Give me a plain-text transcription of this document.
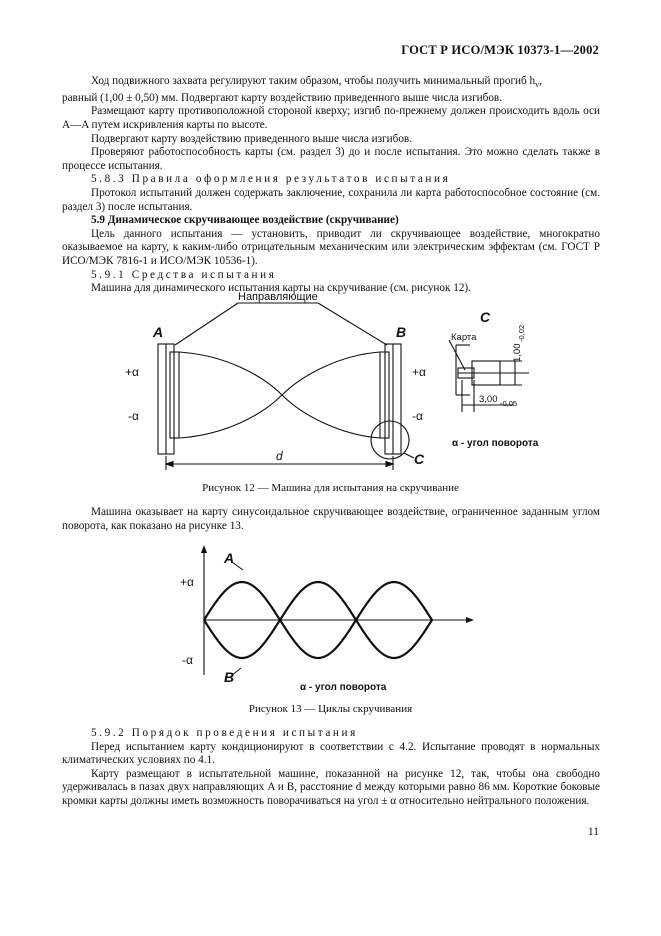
ГОСТ Р ИСО/МЭК 10373-1—2002

Ход подвижного захвата регулируют таким образом, чтобы получить минимальный прогиб $h_v$,

равный (1,00 ± 0,50) мм. Подвергают карту воздействию приведенного выше числа изгибов.

Размещают карту противоположной стороной кверху; изгиб по-прежнему должен происходить вдоль оси A—A путем искривления карты по высоте.

Подвергают карту воздействию приведенного выше числа изгибов.

Проверяют работоспособность карты (см. раздел 3) до и после испытания. Это можно сделать также в процессе испытания.

5.8.3 Правила оформления результатов испытания

Протокол испытаний должен содержать заключение, сохранила ли карта работоспособное состояние (см. раздел 3) после испытания.

5.9 Динамическое скручивающее воздействие (скручивание)

Цель данного испытания — установить, приводит ли скручивающее воздействие, многократно оказываемое на карту, к каким-либо отрицательным механическим или электрическим эффектам (см. ГОСТ Р ИСО/МЭК 7816-1 и ИСО/МЭК 10536-1).

5.9.1 Средства испытания

Машина для динамического испытания карты на скручивание (см. рисунок 12).

Направляющие
A	B
+α
-α
+α
-α
d	C
C
Карта
1,00
-0,02
3,00 -0,05
α - угол поворота
Рисунок 12 — Машина для испытания на скручивание

Машина оказывает на карту синусоидальное скручивающее воздействие, ограниченное заданным углом поворота, как показано на рисунке 13.

A
B
+α
-α
α - угол поворота
Рисунок 13 — Циклы скручивания

5.9.2 Порядок проведения испытания

Перед испытанием карту кондиционируют в соответствии с 4.2. Испытание проводят в нормальных климатических условиях по 4.1.

Карту размещают в испытательной машине, показанной на рисунке 12, так, чтобы она свободно удерживалась в пазах двух направляющих A и B, расстояние d между которыми равно 86 мм. Короткие боковые кромки карты должны иметь возможность поворачиваться на угол ± α относительно нейтрального положения.

11
